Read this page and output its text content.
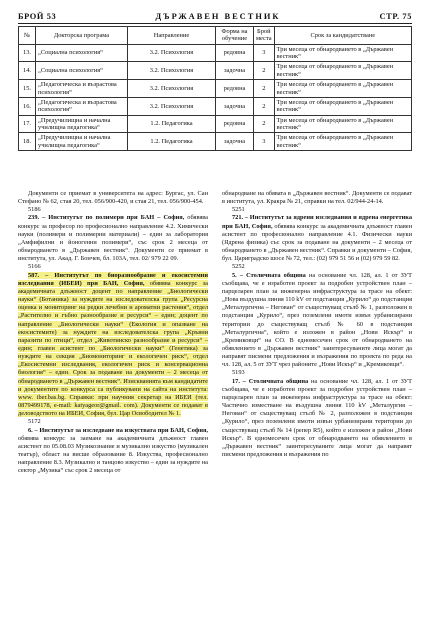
БРОЙ 53	ДЪРЖАВЕН ВЕСТНИК	СТР. 75
№	Докторска програма	Направление	Форма на обучение	Брой места	Срок за кандидатстване
13.	„Социална психология“	3.2. Психология	редовна	3	Три месеца от обнародването в „Държавен вестник“
14.	„Социална психология“	3.2. Психология	задочна	2	Три месеца от обнародването в „Държавен вестник“
15.	„Педагогическа и възрастова психология“	3.2. Психология	редовна	2	Три месеца от обнародването в „Държавен вестник“
16.	„Педагогическа и възрастова психология“	3.2. Психология	задочна	2	Три месеца от обнародването в „Държавен вестник“
17.	„Предучилищна и начална училищна педагогика“	1.2. Педагогика	редовна	2	Три месеца от обнародването в „Държавен вестник“
18.	„Предучилищна и начална училищна педагогика“	1.2. Педагогика	задочна	3	Три месеца от обнародването в „Държавен вестник“

Документи се приемат в университета на адрес: Бургас, ул. Сан Стефано № 62, стая 20, тел. 056/900-420, и стая 21, тел. 056/900-454.

5186

239. – Институтът по полимери при БАН – София, обявява конкурс за професор по професионално направление 4.2. Химически науки (полимери и полимерни материали) – един за лаборатория „Амфифилни и йоногенни полимери“, със срок 2 месеца от обнародването в „Държавен вестник“. Документи се приемат в института, ул. Акад. Г. Бончев, бл. 103А, тел. 02/ 979 22 09.

5166

587. – Институтът по биоразнообразие и екосистемни изследвания (ИБЕИ) при БАН, София, обявява конкурс за академичната длъжност доцент по направление „Биологически науки“ (Ботаника) за нуждите на изследователска група „Ресурсна оценка и мониторинг на редки лечебни и ароматни растения“, отдел „Растително и гъбно разнообразие и ресурси“ – един; доцент по направление „Биологически науки“ (Екология и опазване на екосистемите) за нуждите на изследователска група „Кръвни паразити по птици“, отдел „Животинско разнообразие и ресурси“ – един; главен асистент по „Биологически науки“ (Генетика) за нуждите на секция „Биомониторинг и екологичен риск“, отдел „Екосистемни изследвания, екологичен риск и консервационна биология“ – един. Срок за подаване на документи – 2 месеца от обнародването в „Държавен вестник“. Изискванията към кандидатите и документите по конкурса са публикувани на сайта на института: www. iber.bas.bg. Справки: при научния секретар на ИБЕИ (тел. 0879499178, e-mail: katyageor@gmail. com). Документи се подават в деловодството на ИБЕИ, София, бул. Цар Освободител № 1.

5172

6. – Институтът за изследване на изкуствата при БАН, София, обявява конкурс за заемане на академичната длъжност главен асистент по 05.08.03 Музикознание и музикално изкуство (музикален театър), област на висше образование 8. Изкуства, професионално направление 8.3. Музикално и танцово изкуство – един за нуждите на сектор „Музика“ със срок 2 месеца от

обнародване на обявата в „Държавен вестник“. Документи се подават в института, ул. Кракра № 21, справки на тел. 02/944-24-14.

5251

721. – Институтът за ядрени изследвания и ядрена енергетика при БАН, София, обявява конкурс за академичната длъжност главен асистент по професионално направление 4.1. Физически науки (Ядрена физика) със срок за подаване на документи – 2 месеца от обнародването в „Държавен вестник“. Справки и документи – София, бул. Цариградско шосе № 72, тел.: (02) 979 51 56 и (02) 979 59 82.

5252

5. – Столичната община на основание чл. 128, ал. 1 от ЗУТ съобщава, че е изработен проект за подробен устройствен план – парцеларен план за инженерна инфраструктура за трасе на обект: „Нова въздушна линия 110 kV от подстанция „Курило“ до подстанция „Металургична – Негован“ от съществуващ стълб № 1, разположен в подстанция „Курило“, през поземлени имоти извън урбанизирани територии до съществуващ стълб № 60 в подстанция „Металургична“, който е изложен в район „Нови Искър“ и „Кремиковци“ на СО. В едномесечен срок от обнародването на обявлението в „Държавен вестник“ заинтересуваните лица могат да направят писмени предложения и възражения по проекта по реда на чл. 128, ал. 5 от ЗУТ чрез районите „Нови Искър“ и „Кремиковци“.

5193

17. – Столичната община на основание чл. 128, ал. 1 от ЗУТ съобщава, че е изработен проект за подробен устройствен план – парцеларен план за инженерна инфраструктура за трасе на обект: Частично изместване на въздушна линия 110 kV „Металургия – Негован“ от съществуващ стълб № 2, разположен в подстанция „Курило“, през поземлени имоти извън урбанизирани територии до съществуващ стълб № 14 (репер R5), който е изложен в район „Нови Искър“. В едномесечен срок от обнародването на обявлението в „Държавен вестник“ заинтересуваните лица могат да направят писмени предложения и възражения по
